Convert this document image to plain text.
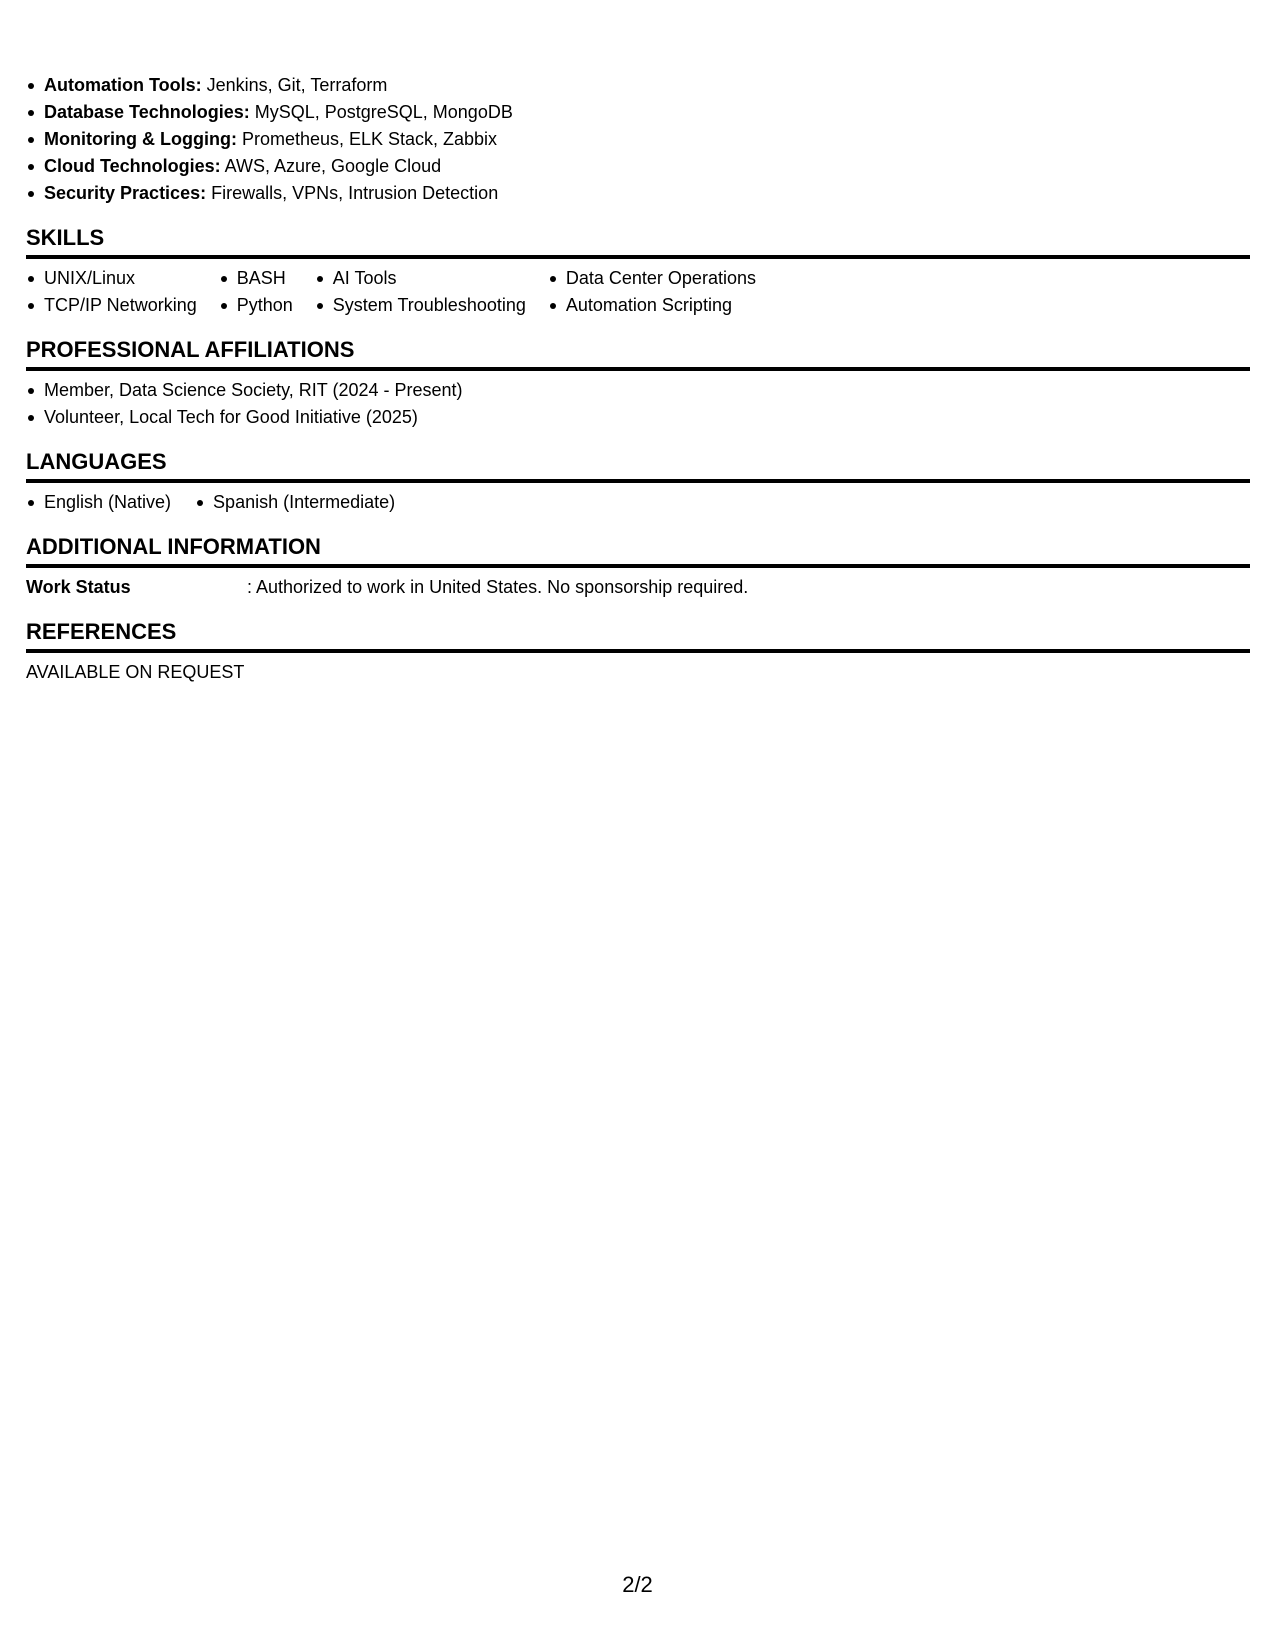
Automation Tools: Jenkins, Git, Terraform
Database Technologies: MySQL, PostgreSQL, MongoDB
Monitoring & Logging: Prometheus, ELK Stack, Zabbix
Cloud Technologies: AWS, Azure, Google Cloud
Security Practices: Firewalls, VPNs, Intrusion Detection
SKILLS
UNIX/Linux
TCP/IP Networking
BASH
Python
AI Tools
System Troubleshooting
Data Center Operations
Automation Scripting
PROFESSIONAL AFFILIATIONS
Member, Data Science Society, RIT (2024 - Present)
Volunteer, Local Tech for Good Initiative (2025)
LANGUAGES
English (Native)	Spanish (Intermediate)
ADDITIONAL INFORMATION
Work Status	: Authorized to work in United States. No sponsorship required.
REFERENCES
AVAILABLE ON REQUEST
2/2
